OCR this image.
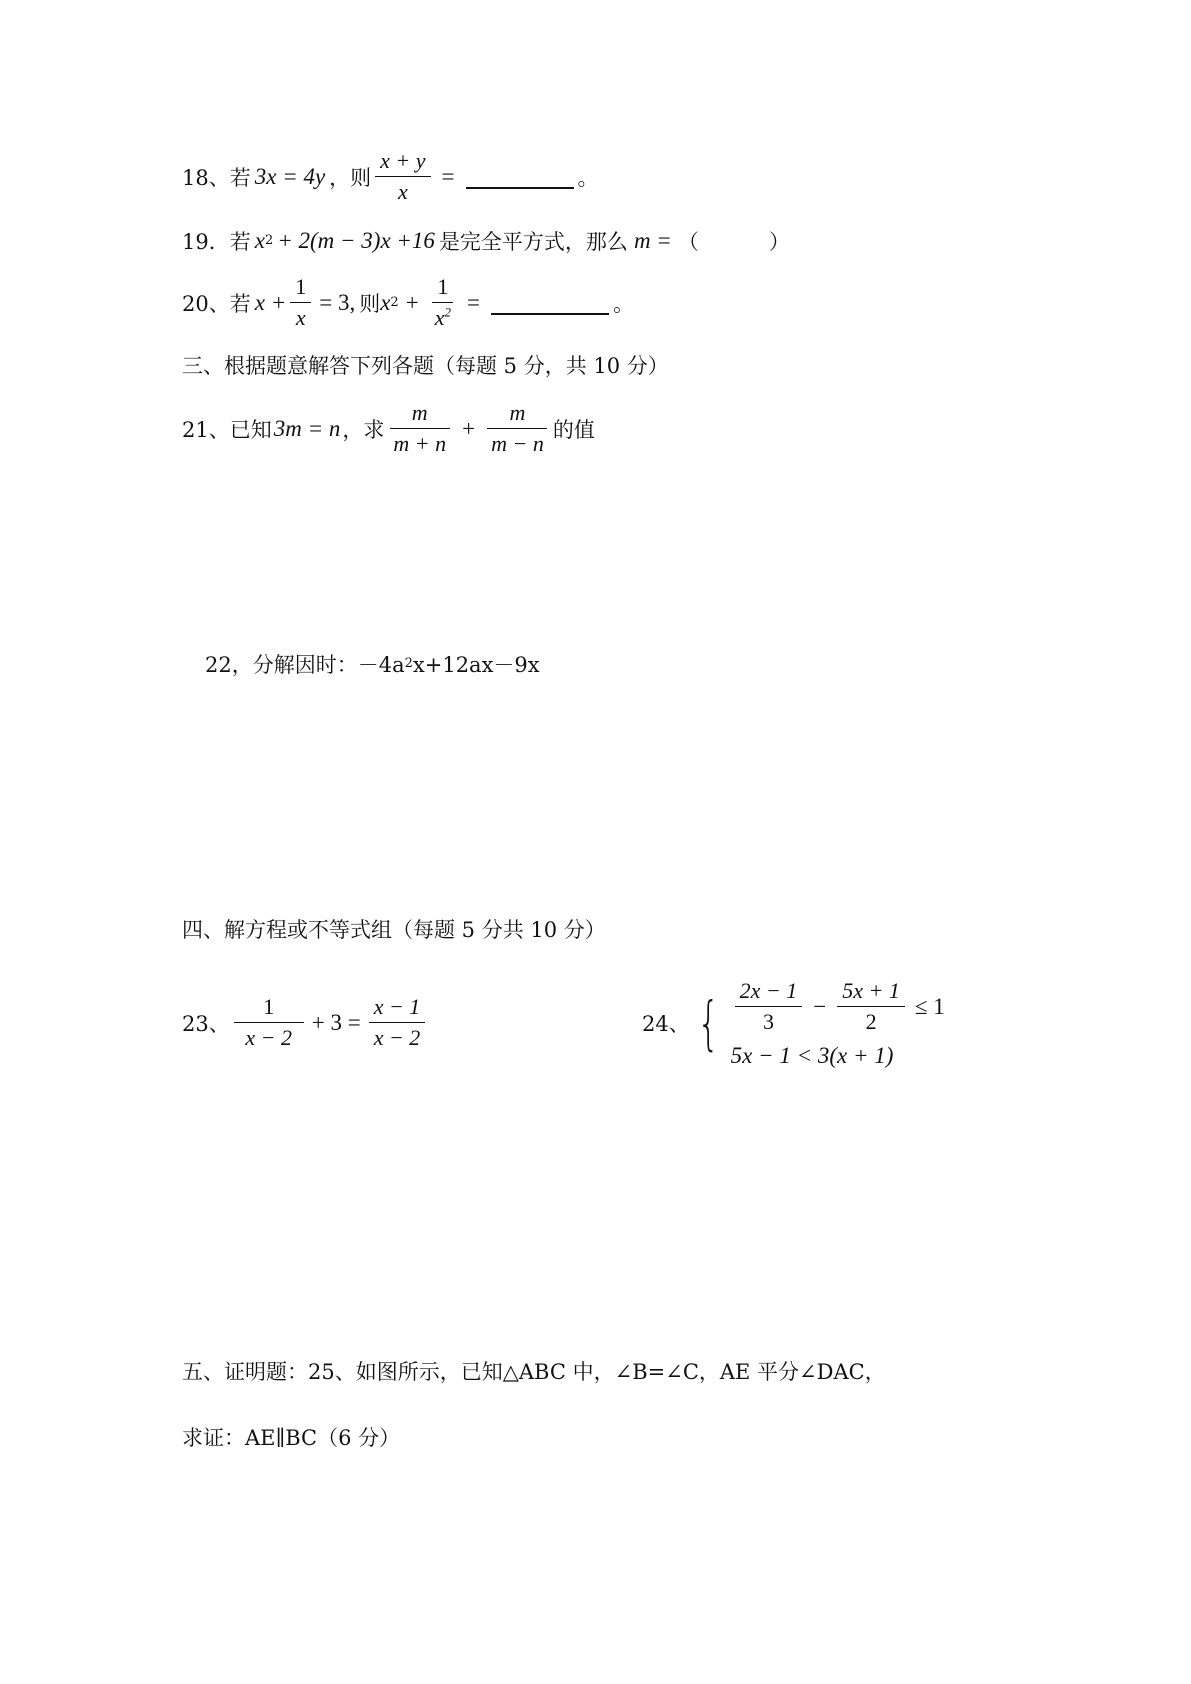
18、 若 3x = 4y ，则 $\frac{x + y}{x}$ =	。
19．若 x 2 + 2(m − 3)x +16 是完全平方式，那么 m = （	）
20、若 $x + \frac{1}{x} = 3$, 则 x $2 + \frac{1}{x^2}$ =	。
三、根据题意解答下列各题（每题 5 分，共 10 分）
21、已知 3m = n ，求 $\frac{m}{m + n} + \frac{m}{m - n}$ 的值
22，分解因时：－4a 2 x+12ax－9x
四、解方程或不等式组（每题 5 分共 10 分）
23、 $\frac{1}{x - 2} + 3 = \frac{x - 1}{x - 2}$	24、 { $\frac{2x - 1}{3} - \frac{5x + 1}{2} \le 1$
5x − 1 < 3(x + 1)
五、证明题：25、如图所示，已知△ABC 中，∠B=∠C，AE 平分∠DAC，
求证：AE∥BC（6 分）
